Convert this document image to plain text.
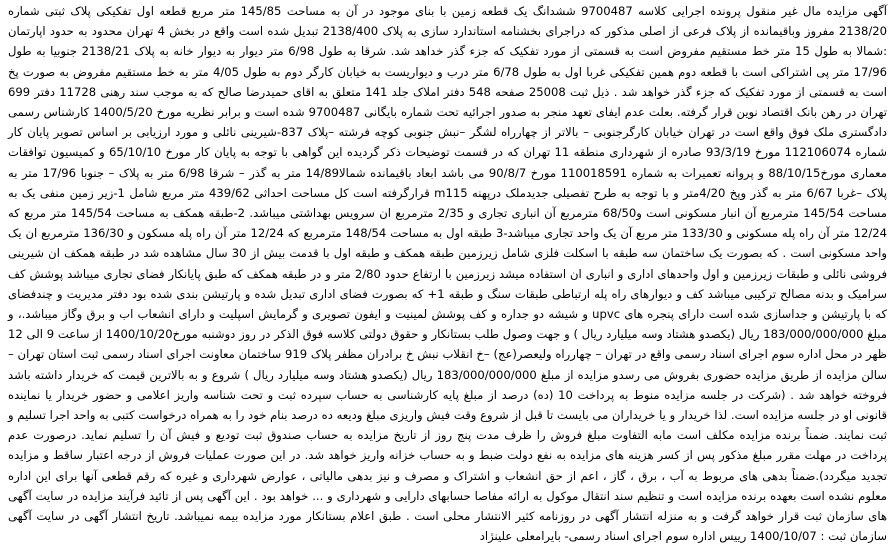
آگهی مزایده مال غیر منقول پرونده اجرایی کلاسه 9700487 ششدانگ یک قطعه زمین با بنای موجود در آن به مساحت 145/85 متر مربع قطعه اول تفکیکی پلاک ثبتی شماره 2138/20 مفروز وباقیمانده از پلاک فرعی از اصلی مذکور که دراجرای بخشنامه استاندارد سازی به پلاک 2138/400 تبدیل شده است واقع در بخش 4 تهران محدود به حدود اپارتمان :شمالا به طول 15 متر خط مستقیم مفروض است به قسمتی از مورد تفکیک که جزء گذر خداهد شد. شرقا به طول 6/98 متر دیوار به دیوار خانه به پلاک 2138/21 جنوبیا به طول 17/96 متر پی اشتراکی است با قطعه دوم همین تفکیکی غربا اول به طول 6/78 متر درب و دیواریست به خیابان کارگر دوم به طول 4/05 متر به خط مستقیم مفروض به صورت پخ است به قسمتی از مورد تفکیک که جزء گذر خواهد شد . ذیل ثبت 25008 صفحه 548 دفتر املاک جلد 141 متعلق به اقای حمیدرضا صالح که به موجب سند رهنی 11728 دفتر 699 تهران در رهن بانک اقتصاد نوین قرار گرفته. بعلت عدم ایفای تعهد منجر به صدور اجرائیه تحت شماره بایگانی 9700487 شده است و برابر نظریه مورخ 1400/5/20 کارشناس رسمی دادگستری ملک فوق واقع است در تهران خیابان کارگرجنوبی – بالاتر از چهارراه لشگر –نبش جنوبی کوچه فرشته –پلاک 837-شیرینی نائلی و مورد ارزیابی بر اساس تصویر پایان کار شماره 112106074 مورخ 93/3/19 صادره از شهرداری منطقه 11 تهران که در قسمت توضیحات ذکر گردیده این گواهی با توجه به پایان کار مورخ 65/10/10 و کمیسیون توافقات معماری مورخ88/10/15 و پروانه تعمیرات به شماره 110018591 مورخ 90/8/7 می باشد ابعاد باقیمانده شمالا14/89 متر به گذر – شرقا 6/98 متر به پلاک – جنوبا 17/96 متر به پلاک –غربا 6/67 متر به گذر وپخ 4/20متر و با توجه به طرح تفصیلی جدیدملک درپهنه m115 قرارگرفته است کل مساحت احداثی 439/62 متر مربع شامل 1-زیر زمین منفی یک به مساحت 145/54 مترمربع آن انبار مسکونی است و68/50 مترمربع آن انباری تجاری و 2/35 مترمربع ان سرویس بهداشتی میباشد. 2-طبقه همکف به مساحت 145/54 متر مربع که 12/24 متر آن راه پله مسکونی و 133/30 متر مربع آن یک واحد تجاری میباشد-3 طبقه اول به مساحت 148/54 مترمربع که 12/24 متر آن راه پله مسکون و 136/30 مترمربع ان یک واحد مسکونی است . که بصورت یک ساختمان سه طبقه با اسکلت فلزی شامل زیرزمین طبقه همکف و طبقه اول با قدمت بیش از 30 سال مشاهده شد در طبقه همکف ان شیرینی فروشی نائلی و طبقات زیرزمین و اول واحدهای اداری و انباری ان استفاده میشد زیرزمین با ارتفاع حدود 2/80 متر و در طبقه همکف که طبق پایانکار فضای تجاری میباشد پوشش کف سرامیک و بدنه مصالح ترکیبی میباشد کف و دیوارهای راه پله ارتباطی طبقات سنگ و طبقه 1+ که بصورت فضای اداری تبدیل شده و پارتیشن بندی شده بود دفتر مدیریت و چندفضای که با پارتیشن و جداسازی شده است دارای پنجره های upvc و شیشه دو جداره و کف پوشش لمینیت و ایفون تصویری و گرمایش اسپلیت و دارای انشعاب اب و برق وگاز میباشد.، و مبلغ 183/000/000/000 ریال (یکصدو هشتاد وسه میلیارد ریال ) و جهت وصول طلب بستانکار و حقوق دولتی کلاسه فوق الذکر در روز دوشنبه مورخ1400/10/20 از ساعت 9 الی 12 ظهر در محل اداره سوم اجرای اسناد رسمی واقع در تهران – چهارراه ولیعصر(عج) –خ انقلاب نبش خ برادران مظفر پلاک 919 ساختمان معاونت اجرای اسناد رسمی ثبت استان تهران – سالن مزایده از طریق مزایده حضوری بفروش می رسدو مزایده از مبلغ 183/000/000/000 ریال (یکصدو هشتاد وسه میلیارد ریال ) شروع و به بالاترین قیمت که خریدار داشته باشد فروخته خواهد شد . (شرکت در جلسه مزایده منوط به پرداخت 10 (ده) درصد از مبلغ پایه کارشناسی به حساب سپرده ثبت و تحت شناسه واریز اعلامی و حضور خریدار یا نماینده قانونی او در جلسه مزایده است. لذا خریدار و یا خریداران می بایست تا قبل از شروع وقت فیش واریزی مبلغ ودیعه ده درصد بنام خود را به همراه درخواست کتبی به واحد اجرا تسلیم و ثبت نمایند. ضمناً برنده مزایده مکلف است مابه التفاوت مبلغ فروش را ظرف مدت پنج روز از تاریخ مزایده به حساب صندوق ثبت تودیع و فیش آن را تسلیم نماید. درصورت عدم پرداخت در مهلت مقرر مبلغ مذکور پس از کسر هزینه های مزایده به نفع دولت ضبط و به حساب خزانه واریز خواهد شد. در این صورت عملیات فروش از درجه اعتبار ساقط و مزایده تجدید میگردد).ضمناً بدهی های مربوط به آب ، برق ، گاز ، اعم از حق انشعاب و اشتراک و مصرف و نیز بدهی مالیاتی ، عوارض شهرداری و غیره که رقم قطعی آنها برای این اداره معلوم نشده است بعهده برنده مزایده است و تنظیم سند انتقال موکول به ارائه مفاصا حسابهای دارایی و شهرداری و ... خواهد بود . این آگهی پس از تائید فرآیند مزایده در سایت آگهی های سازمان ثبت قرار خواهد گرفت و به منزله انتشار آگهی در روزنامه کثیر الانتشار محلی است . طبق اعلام بستانکار مورد مزایده بیمه نمیباشد. تاریخ انتشار آگهی در سایت آگهی سازمان ثبت : 1400/10/07 رییس اداره سوم اجرای اسناد رسمی- بایرامعلی علینژاد
